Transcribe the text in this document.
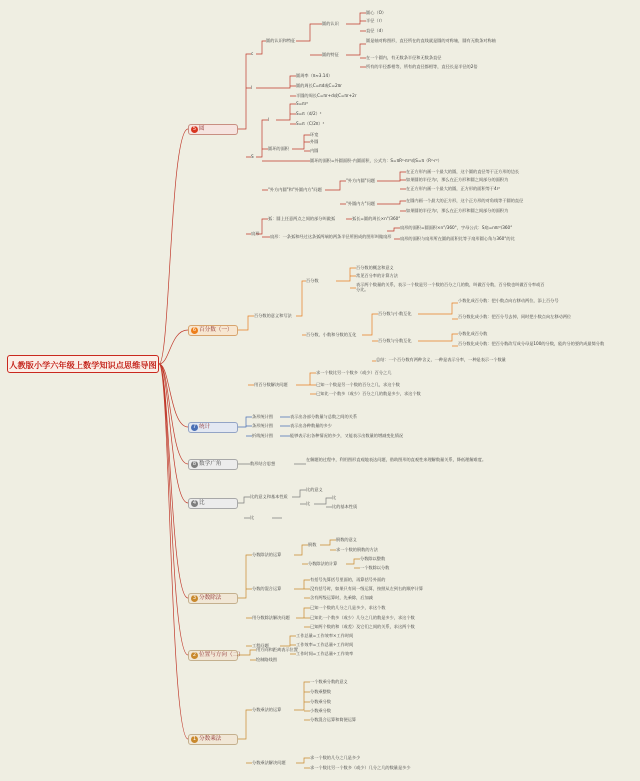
人教版小学六年级上数学知识点思维导图
5 圆
6 百分数（一）
7 统计
8 数学广角
4 比
3 分数除法
2 位置与方向（二）
1 分数乘法
c
圆的认识和特征
圆的认识
圆心（O）
半径（r）
直径（d）
圆的特征
圆是轴对称图形，直径所在的直线就是圆的对称轴，圆有无数条对称轴
在一个圆内，有无数条半径和无数条直径
所有的半径都相等，所有的直径都相等，直径长是半径的2倍
l
圆周率（π≈3.14）
圆的周长C=πd或C=2πr
半圆的周长C=πr+d或C=πr+2r
S
l
S=πr²
S=π（d/2）²
S=π（C/2π）²
圆环的面积
环宽
外圆
内圆
圆环的面积=外圆面积-内圆面积，公式为：S=πR²-πr²或S=π（R²-r²）
"外方内圆"和"外圆内方"问题
"外方内圆"问题
在正方形内画一个最大的圆，这个圆的直径等于正方形的边长
如果圆的半径为r，那么在正方形和圆之间部分的面积为
在正方形内画一个最大的圆，正方形的面积等于4r²
"外圆内方"问题
在圆内画一个最大的正方形，这个正方形的对角线等于圆的直径
如果圆的半径为r，那么在正方形和圆之间部分的面积为
扇形
弧：圆上任意两点之间的部分叫做弧	弧长=圆的周长×n°/360°
扇形：一条弧和经过这条弧两端的两条半径所围成的图形叫做扇形
扇形的面积=圆面积×n°/360°，字母公式：S扇=nπr²/360°
扇形的面积与扇形所在圆的面积比等于扇形圆心角与360°的比
百分数的意义和写法
百分数
百分数的概念和意义
常见百分率的计算方法
表示两个数量的关系，表示一个数是另一个数的百分之几的数，叫做百分数，百分数也叫做百分率或百分比。
百分数、小数和分数的互化
百分数与小数互化
小数化成百分数：把小数点向右移动两位，添上百分号
百分数化成小数：把百分号去掉，同时把小数点向左移动两位
百分数与分数互化
分数化成百分数
百分数化成分数：把百分数改写成分母是100的分数，能约分的要约成最简分数
总结：一个百分数有两种含义，一种是表示分率，一种是表示一个数量
用百分数解决问题
求一个数比另一个数多（或少）百分之几
已知一个数是另一个数的百分之几，求这个数
已知比一个数多（或少）百分之几的数是多少，求这个数
条形统计图	表示出各部分数量与总数之间的关系
条形统计图	表示出各种数量的多少
折线统计图	能够表示出各种情况的多少，又能表示出数量的增减变化情况
数形结合思想
在解题的过程中，利用图形直观地表达问题，借助图形的直观性来理解数量关系，降低理解难度。
比的意义和基本性质
比的意义
比
比
比的基本性质
比
分数除法的运算
倒数
倒数的意义
求一个数的倒数的方法
分数除法的计算
分数除以整数
一个数除以分数
分数的混合运算
有括号先算括号里面的，再算括号外面的
没有括号时，如果只有同一级运算，按照从左到右的顺序计算
含有两级运算时，先乘除，后加减
用分数除法解决问题
已知一个数的几分之几是多少，求这个数
已知比一个数多（或少）几分之几的数是多少，求这个数
已知两个数的和（或差）及它们之间的关系，求这两个数
工程问题
工作总量=工作效率×工作时间
工作效率=工作总量÷工作时间
工作时间=工作总量÷工作效率
用方向和距离表示位置
绘制路线图
分数乘法的运算
一个数乘分数的意义
分数乘整数
分数乘分数
小数乘分数
分数混合运算和简便运算
分数乘法解决问题
求一个数的几分之几是多少
求一个数比另一个数多（或少）几分之几的数量是多少
